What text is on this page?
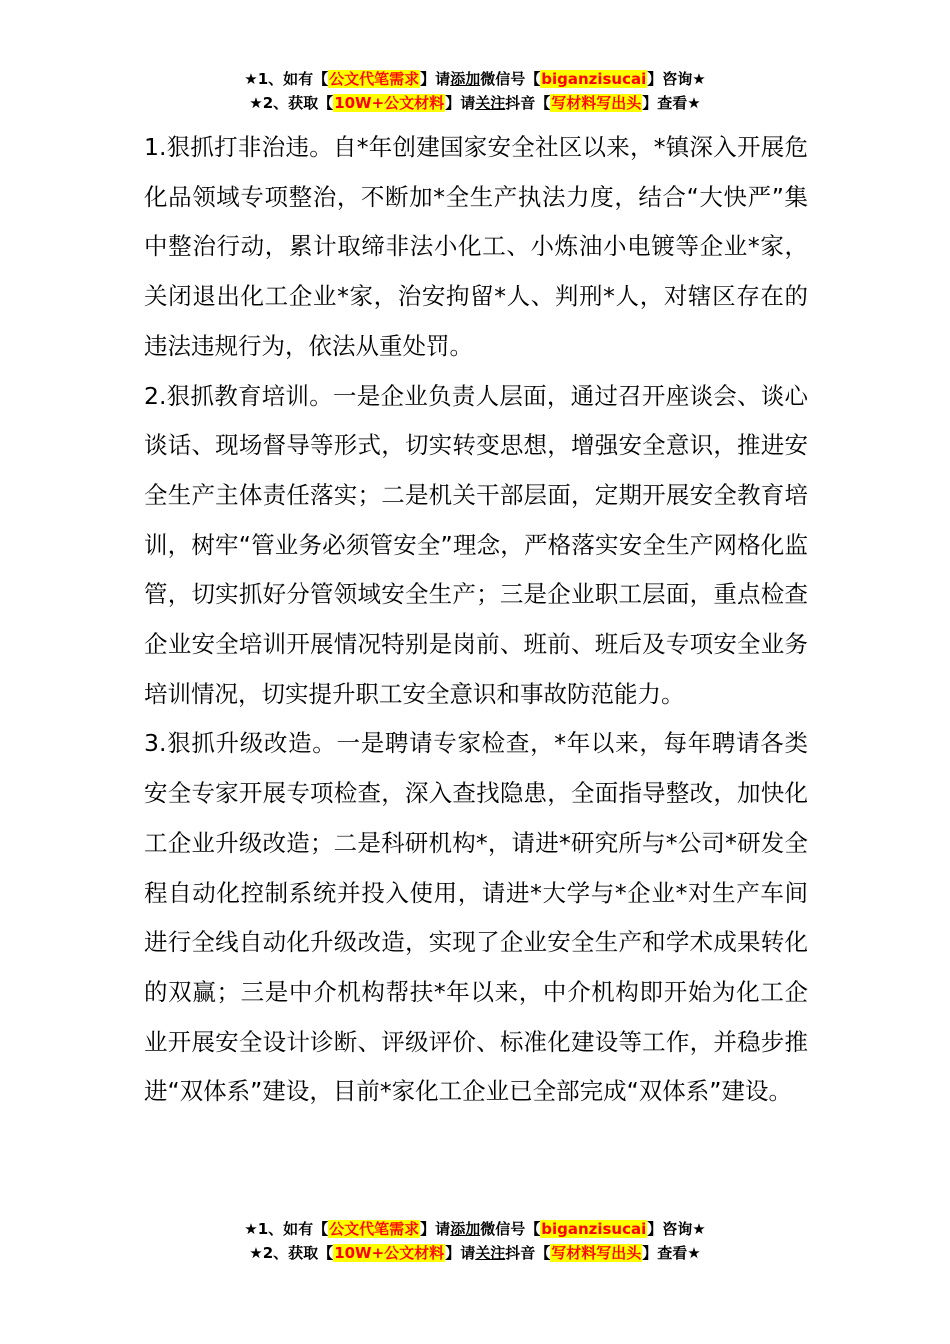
★1、如有【公文代笔需求】请添加微信号【biganzisucai】咨询★
★2、获取【10W+公文材料】请关注抖音【写材料写出头】查看★

1.狠抓打非治违。自*年创建国家安全社区以来，*镇深入开展危化品领域专项整治，不断加*全生产执法力度，结合“大快严”集中整治行动，累计取缔非法小化工、小炼油小电镀等企业*家，关闭退出化工企业*家，治安拘留*人、判刑*人，对辖区存在的违法违规行为，依法从重处罚。

2.狠抓教育培训。一是企业负责人层面，通过召开座谈会、谈心谈话、现场督导等形式，切实转变思想，增强安全意识，推进安全生产主体责任落实；二是机关干部层面，定期开展安全教育培训，树牢“管业务必须管安全”理念，严格落实安全生产网格化监管，切实抓好分管领域安全生产；三是企业职工层面，重点检查企业安全培训开展情况特别是岗前、班前、班后及专项安全业务培训情况，切实提升职工安全意识和事故防范能力。

3.狠抓升级改造。一是聘请专家检查，*年以来，每年聘请各类安全专家开展专项检查，深入查找隐患，全面指导整改，加快化工企业升级改造；二是科研机构*，请进*研究所与*公司*研发全程自动化控制系统并投入使用，请进*大学与*企业*对生产车间进行全线自动化升级改造，实现了企业安全生产和学术成果转化的双赢；三是中介机构帮扶*年以来，中介机构即开始为化工企业开展安全设计诊断、评级评价、标准化建设等工作，并稳步推进“双体系”建设，目前*家化工企业已全部完成“双体系”建设。

★1、如有【公文代笔需求】请添加微信号【biganzisucai】咨询★
★2、获取【10W+公文材料】请关注抖音【写材料写出头】查看★
